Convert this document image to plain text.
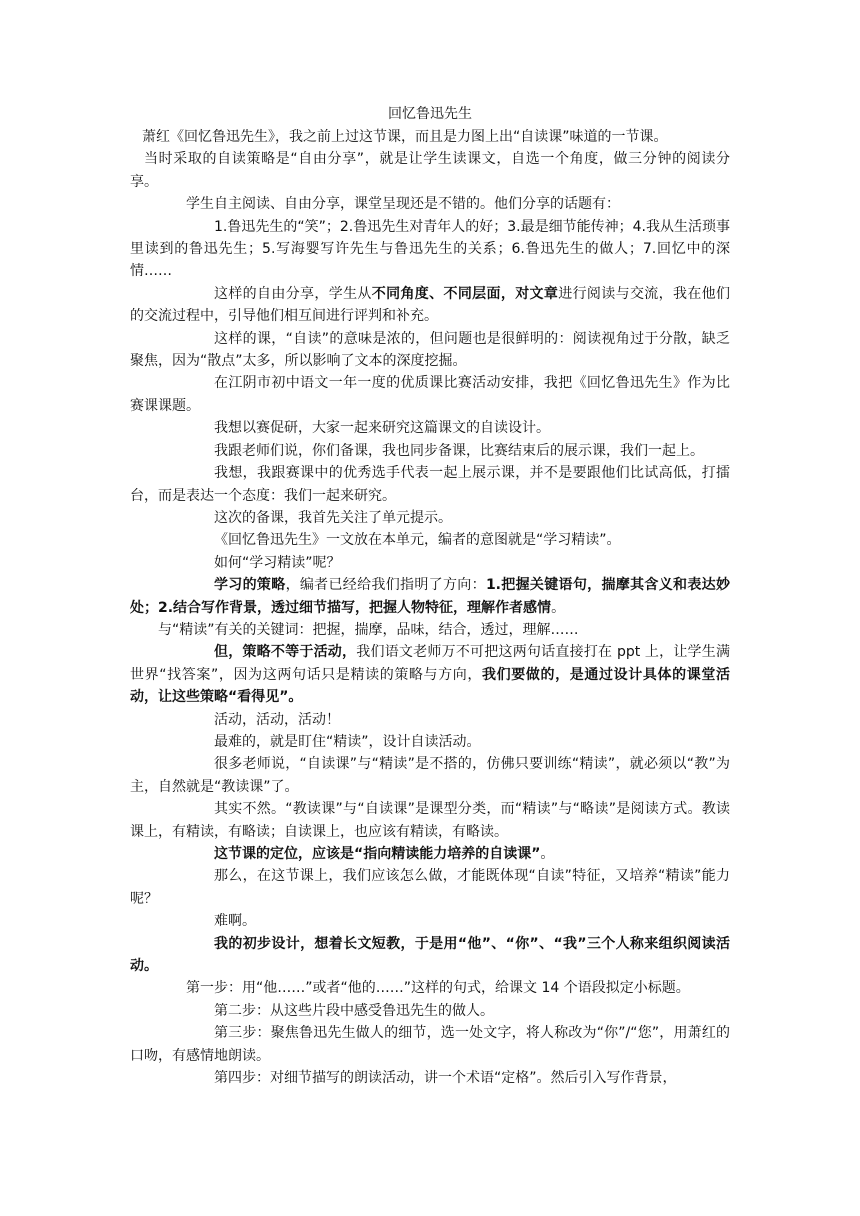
回忆鲁迅先生

萧红《回忆鲁迅先生》，我之前上过这节课，而且是力图上出“自读课”味道的一节课。

当时采取的自读策略是“自由分享”，就是让学生读课文，自选一个角度，做三分钟的阅读分享。

学生自主阅读、自由分享，课堂呈现还是不错的。他们分享的话题有：

1.鲁迅先生的“笑”；2.鲁迅先生对青年人的好；3.最是细节能传神；4.我从生活琐事里读到的鲁迅先生；5.写海婴写许先生与鲁迅先生的关系；6.鲁迅先生的做人；7.回忆中的深情……

这样的自由分享，学生从不同角度、不同层面，对文章进行阅读与交流，我在他们的交流过程中，引导他们相互间进行评判和补充。

这样的课，“自读”的意味是浓的，但问题也是很鲜明的：阅读视角过于分散，缺乏聚焦，因为“散点”太多，所以影响了文本的深度挖掘。

在江阴市初中语文一年一度的优质课比赛活动安排，我把《回忆鲁迅先生》作为比赛课课题。

我想以赛促研，大家一起来研究这篇课文的自读设计。

我跟老师们说，你们备课，我也同步备课，比赛结束后的展示课，我们一起上。

我想，我跟赛课中的优秀选手代表一起上展示课，并不是要跟他们比试高低，打擂台，而是表达一个态度：我们一起来研究。

这次的备课，我首先关注了单元提示。

《回忆鲁迅先生》一文放在本单元，编者的意图就是“学习精读”。

如何“学习精读”呢？

学习的策略，编者已经给我们指明了方向：1.把握关键语句，揣摩其含义和表达妙处；2.结合写作背景，透过细节描写，把握人物特征，理解作者感情。

与“精读”有关的关键词：把握，揣摩，品味，结合，透过，理解……

但，策略不等于活动，我们语文老师万不可把这两句话直接打在 ppt 上，让学生满世界“找答案”，因为这两句话只是精读的策略与方向，我们要做的，是通过设计具体的课堂活动，让这些策略“看得见”。

活动，活动，活动！

最难的，就是盯住“精读”，设计自读活动。

很多老师说，“自读课”与“精读”是不搭的，仿佛只要训练“精读”，就必须以“教”为主，自然就是“教读课”了。

其实不然。“教读课”与“自读课”是课型分类，而“精读”与“略读”是阅读方式。教读课上，有精读，有略读；自读课上，也应该有精读，有略读。

这节课的定位，应该是“指向精读能力培养的自读课”。

那么，在这节课上，我们应该怎么做，才能既体现“自读”特征，又培养“精读”能力呢？

难啊。

我的初步设计，想着长文短教，于是用“他”、“你”、“我”三个人称来组织阅读活动。

第一步：用“他……”或者“他的……”这样的句式，给课文 14 个语段拟定小标题。

第二步：从这些片段中感受鲁迅先生的做人。

第三步：聚焦鲁迅先生做人的细节，选一处文字，将人称改为“你”/“您”，用萧红的口吻，有感情地朗读。

第四步：对细节描写的朗读活动，讲一个术语“定格”。然后引入写作背景，
